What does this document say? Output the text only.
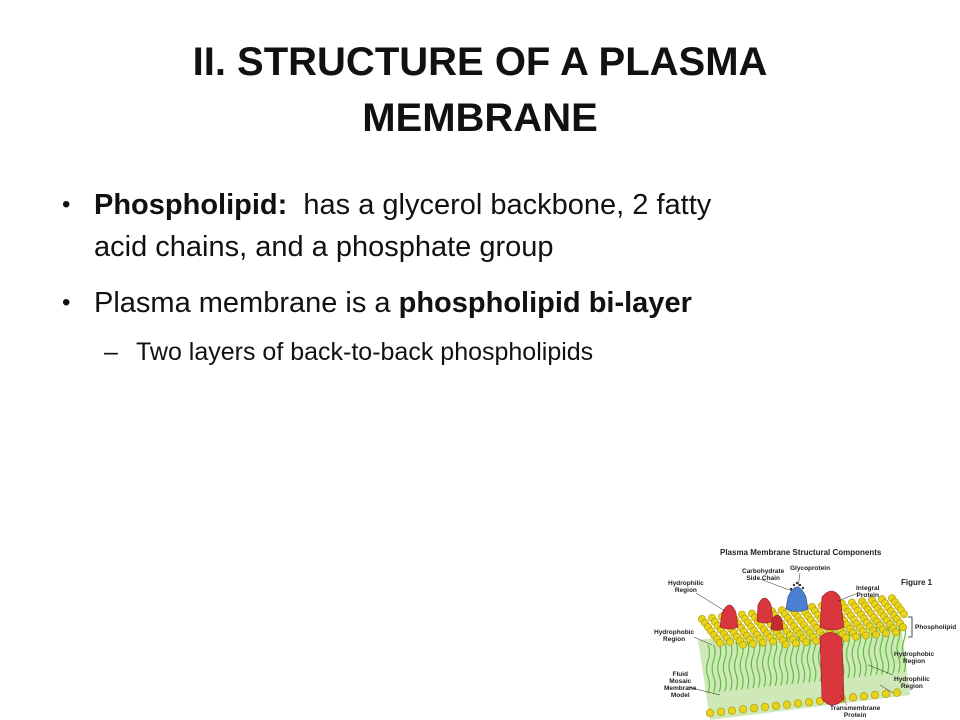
II. STRUCTURE OF A PLASMA
MEMBRANE
• Phospholipid:  has a glycerol backbone, 2 fatty
acid chains, and a phosphate group
• Plasma membrane is a phospholipid bi-layer
– Two layers of back-to-back phospholipids
Plasma Membrane Structural Components
Figure 1
Glycoprotein
Carbohydrate
Side Chain
Hydrophilic
Region	Integral
Protein
Phospholipid
Hydrophobic
Region
Hydrophobic
Region
Hydrophilic
Region
Fluid
Mosaic
Membrane
Model
Transmembrane
Protein
